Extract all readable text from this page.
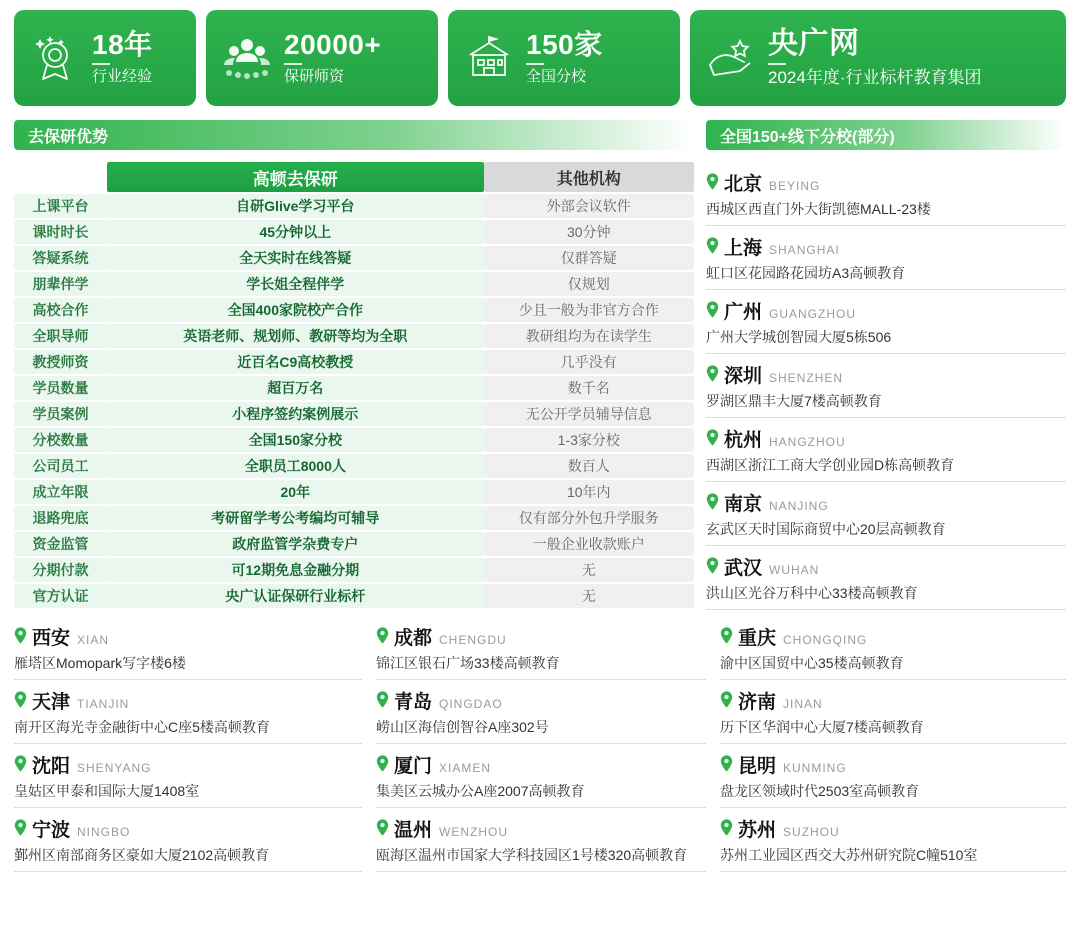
18年
行业经验
20000+
保研师资
150家
全国分校
央广网
2024年度·行业标杆教育集团
去保研优势	全国150+线下分校(部分)
	高顿去保研	其他机构
上课平台	自研Glive学习平台	外部会议软件
课时时长	45分钟以上	30分钟
答疑系统	全天实时在线答疑	仅群答疑
朋辈伴学	学长姐全程伴学	仅规划
高校合作	全国400家院校产合作	少且一般为非官方合作
全职导师	英语老师、规划师、教研等均为全职	教研组均为在读学生
教授师资	近百名C9高校教授	几乎没有
学员数量	超百万名	数千名
学员案例	小程序签约案例展示	无公开学员辅导信息
分校数量	全国150家分校	1-3家分校
公司员工	全职员工8000人	数百人
成立年限	20年	10年内
退路兜底	考研留学考公考编均可辅导	仅有部分外包升学服务
资金监管	政府监管学杂费专户	一般企业收款账户
分期付款	可12期免息金融分期	无
官方认证	央广认证保研行业标杆	无
北京 BEYING
西城区西直门外大街凯德MALL-23楼
上海 SHANGHAI
虹口区花园路花园坊A3高顿教育
广州 GUANGZHOU
广州大学城创智园大厦5栋506
深圳 SHENZHEN
罗湖区鼎丰大厦7楼高顿教育
杭州 HANGZHOU
西湖区浙江工商大学创业园D栋高顿教育
南京 NANJING
玄武区天时国际商贸中心20层高顿教育
武汉 WUHAN
洪山区光谷万科中心33楼高顿教育
西安 XIAN
雁塔区Momopark写字楼6楼
天津 TIANJIN
南开区海光寺金融街中心C座5楼高顿教育
沈阳 SHENYANG
皇姑区甲泰和国际大厦1408室
宁波 NINGBO
鄞州区南部商务区豪如大厦2102高顿教育
成都 CHENGDU
锦江区银石广场33楼高顿教育
青岛 QINGDAO
崂山区海信创智谷A座302号
厦门 XIAMEN
集美区云城办公A座2007高顿教育
温州 WENZHOU
瓯海区温州市国家大学科技园区1号楼320高顿教育
重庆 CHONGQING
渝中区国贸中心35楼高顿教育
济南 JINAN
历下区华润中心大厦7楼高顿教育
昆明 KUNMING
盘龙区领域时代2503室高顿教育
苏州 SUZHOU
苏州工业园区西交大苏州研究院C幢510室
